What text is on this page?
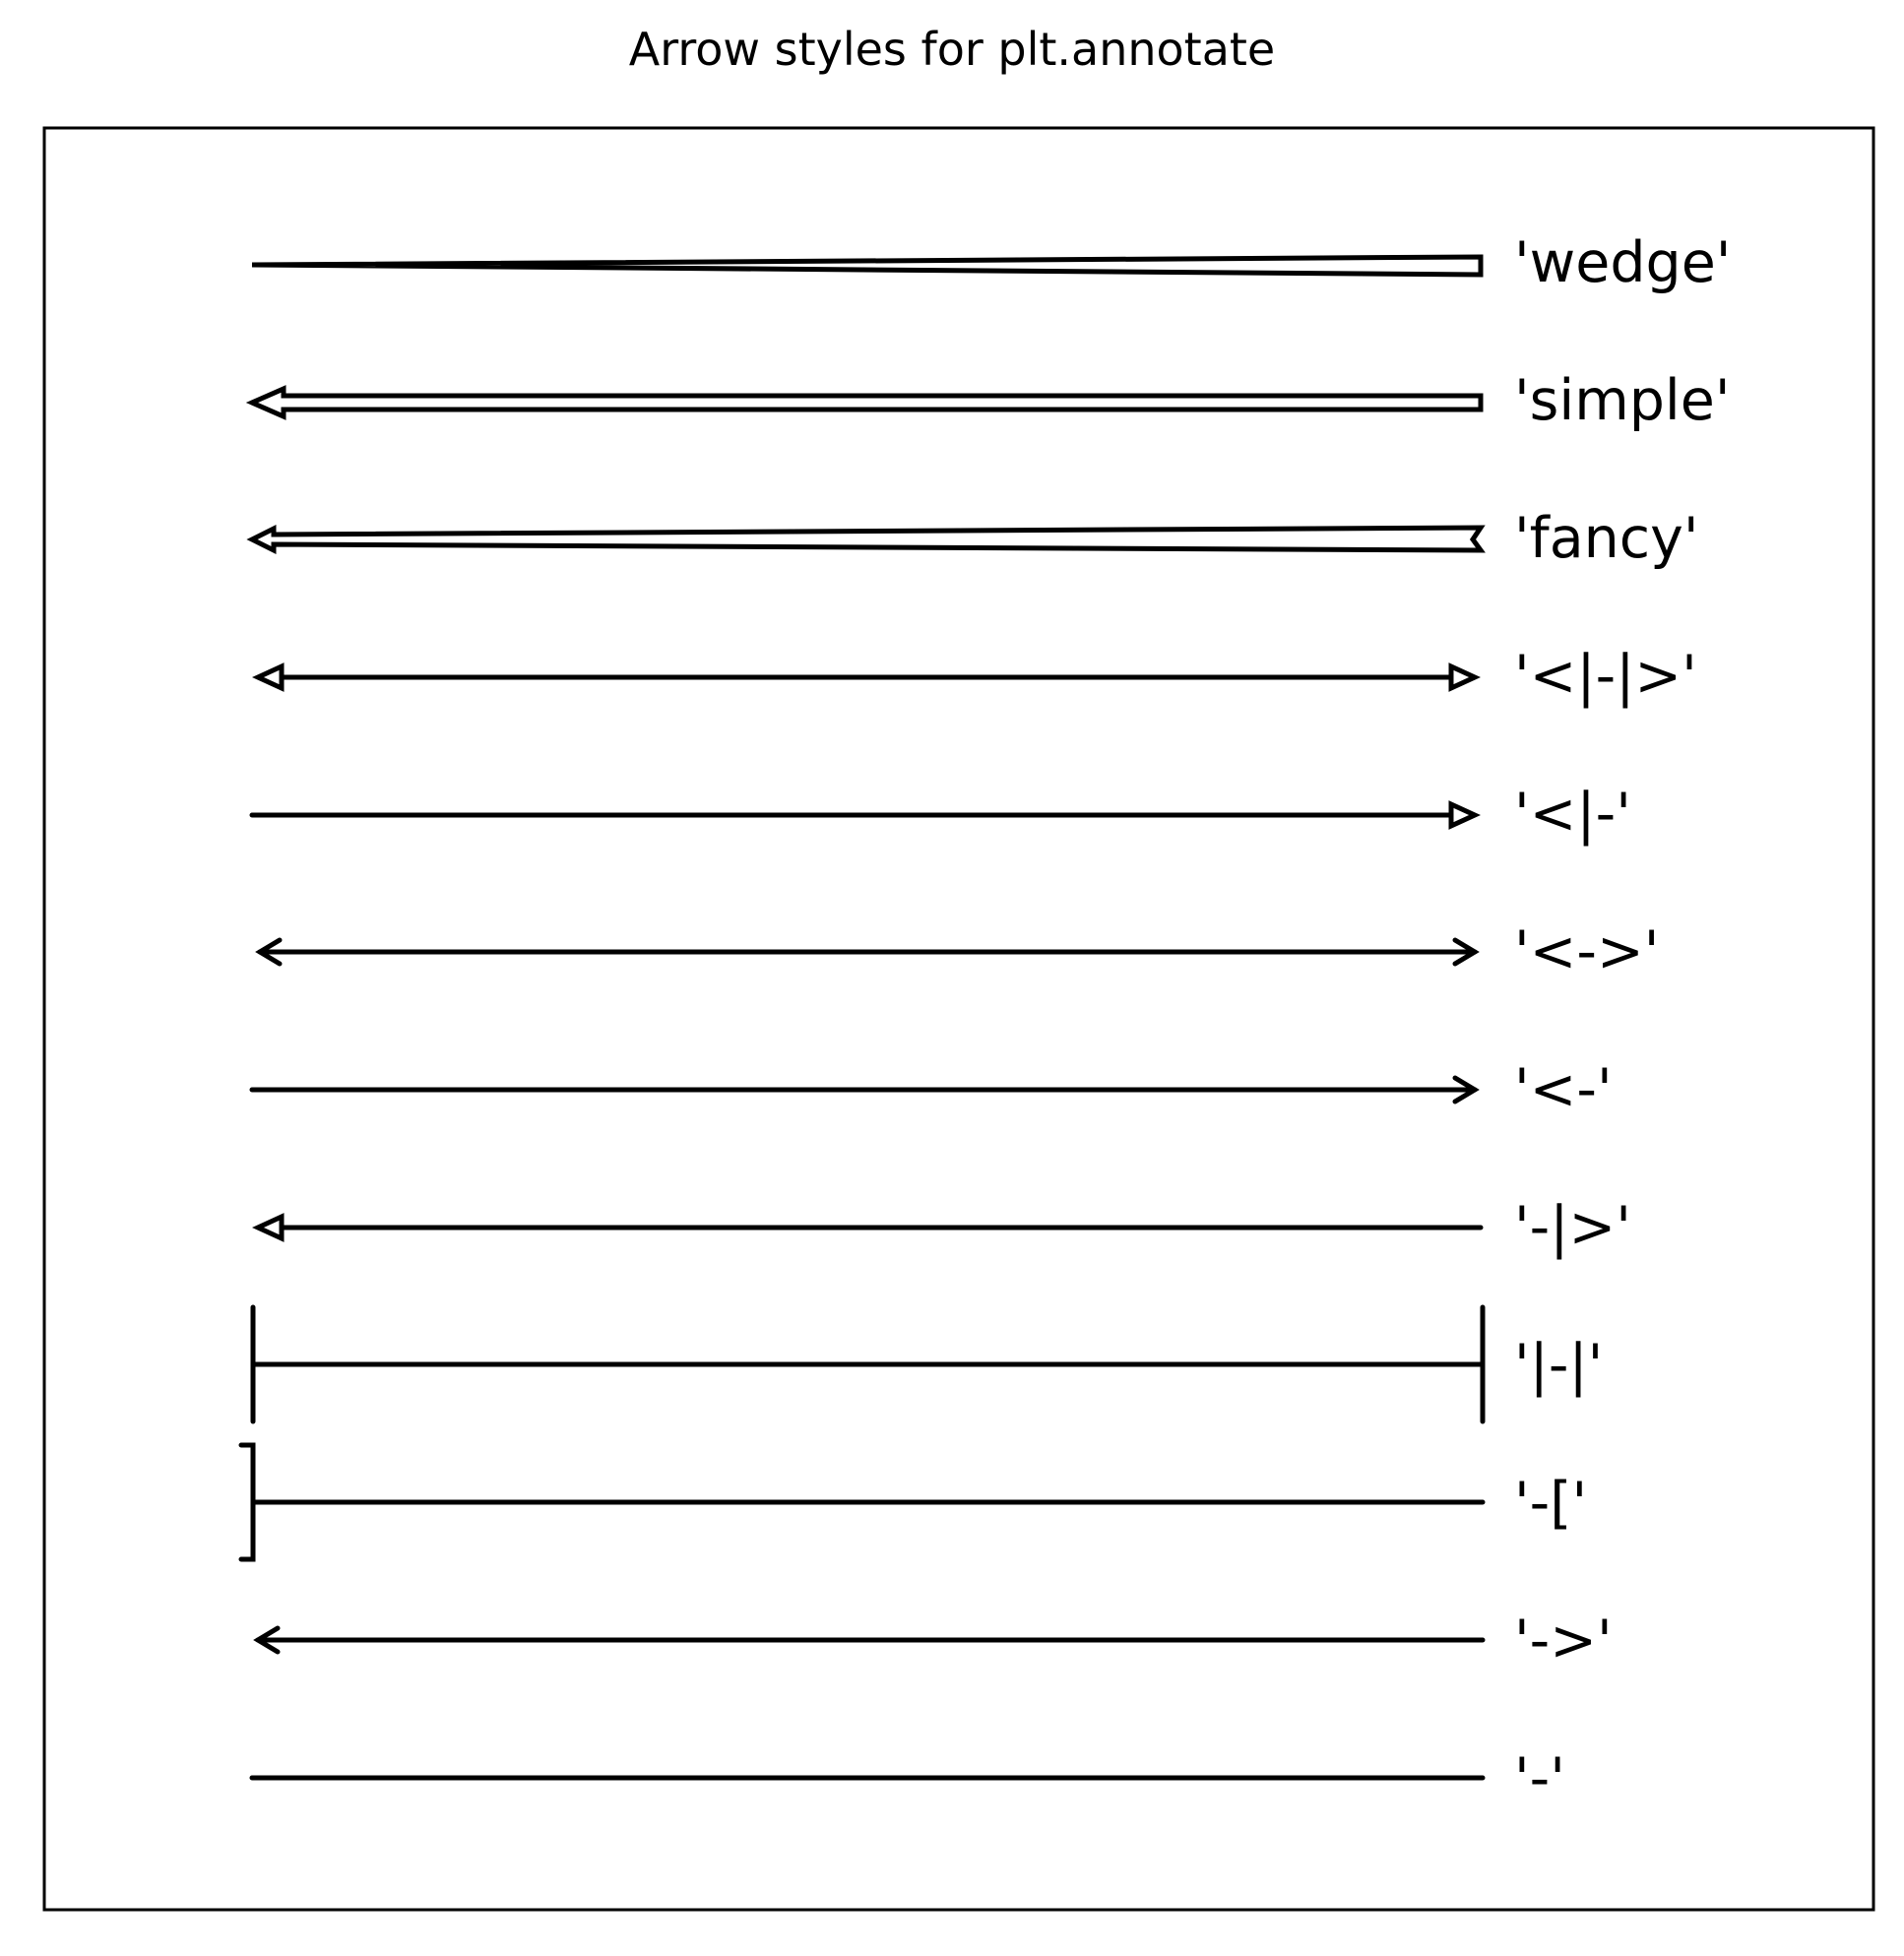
Arrow styles for plt.annotate
'wedge'
'simple'
'fancy'
'<|-|>'
'<|-'
'<->'
'<-'
'-|>'
'|-|'
'-['
'->'
'-'
